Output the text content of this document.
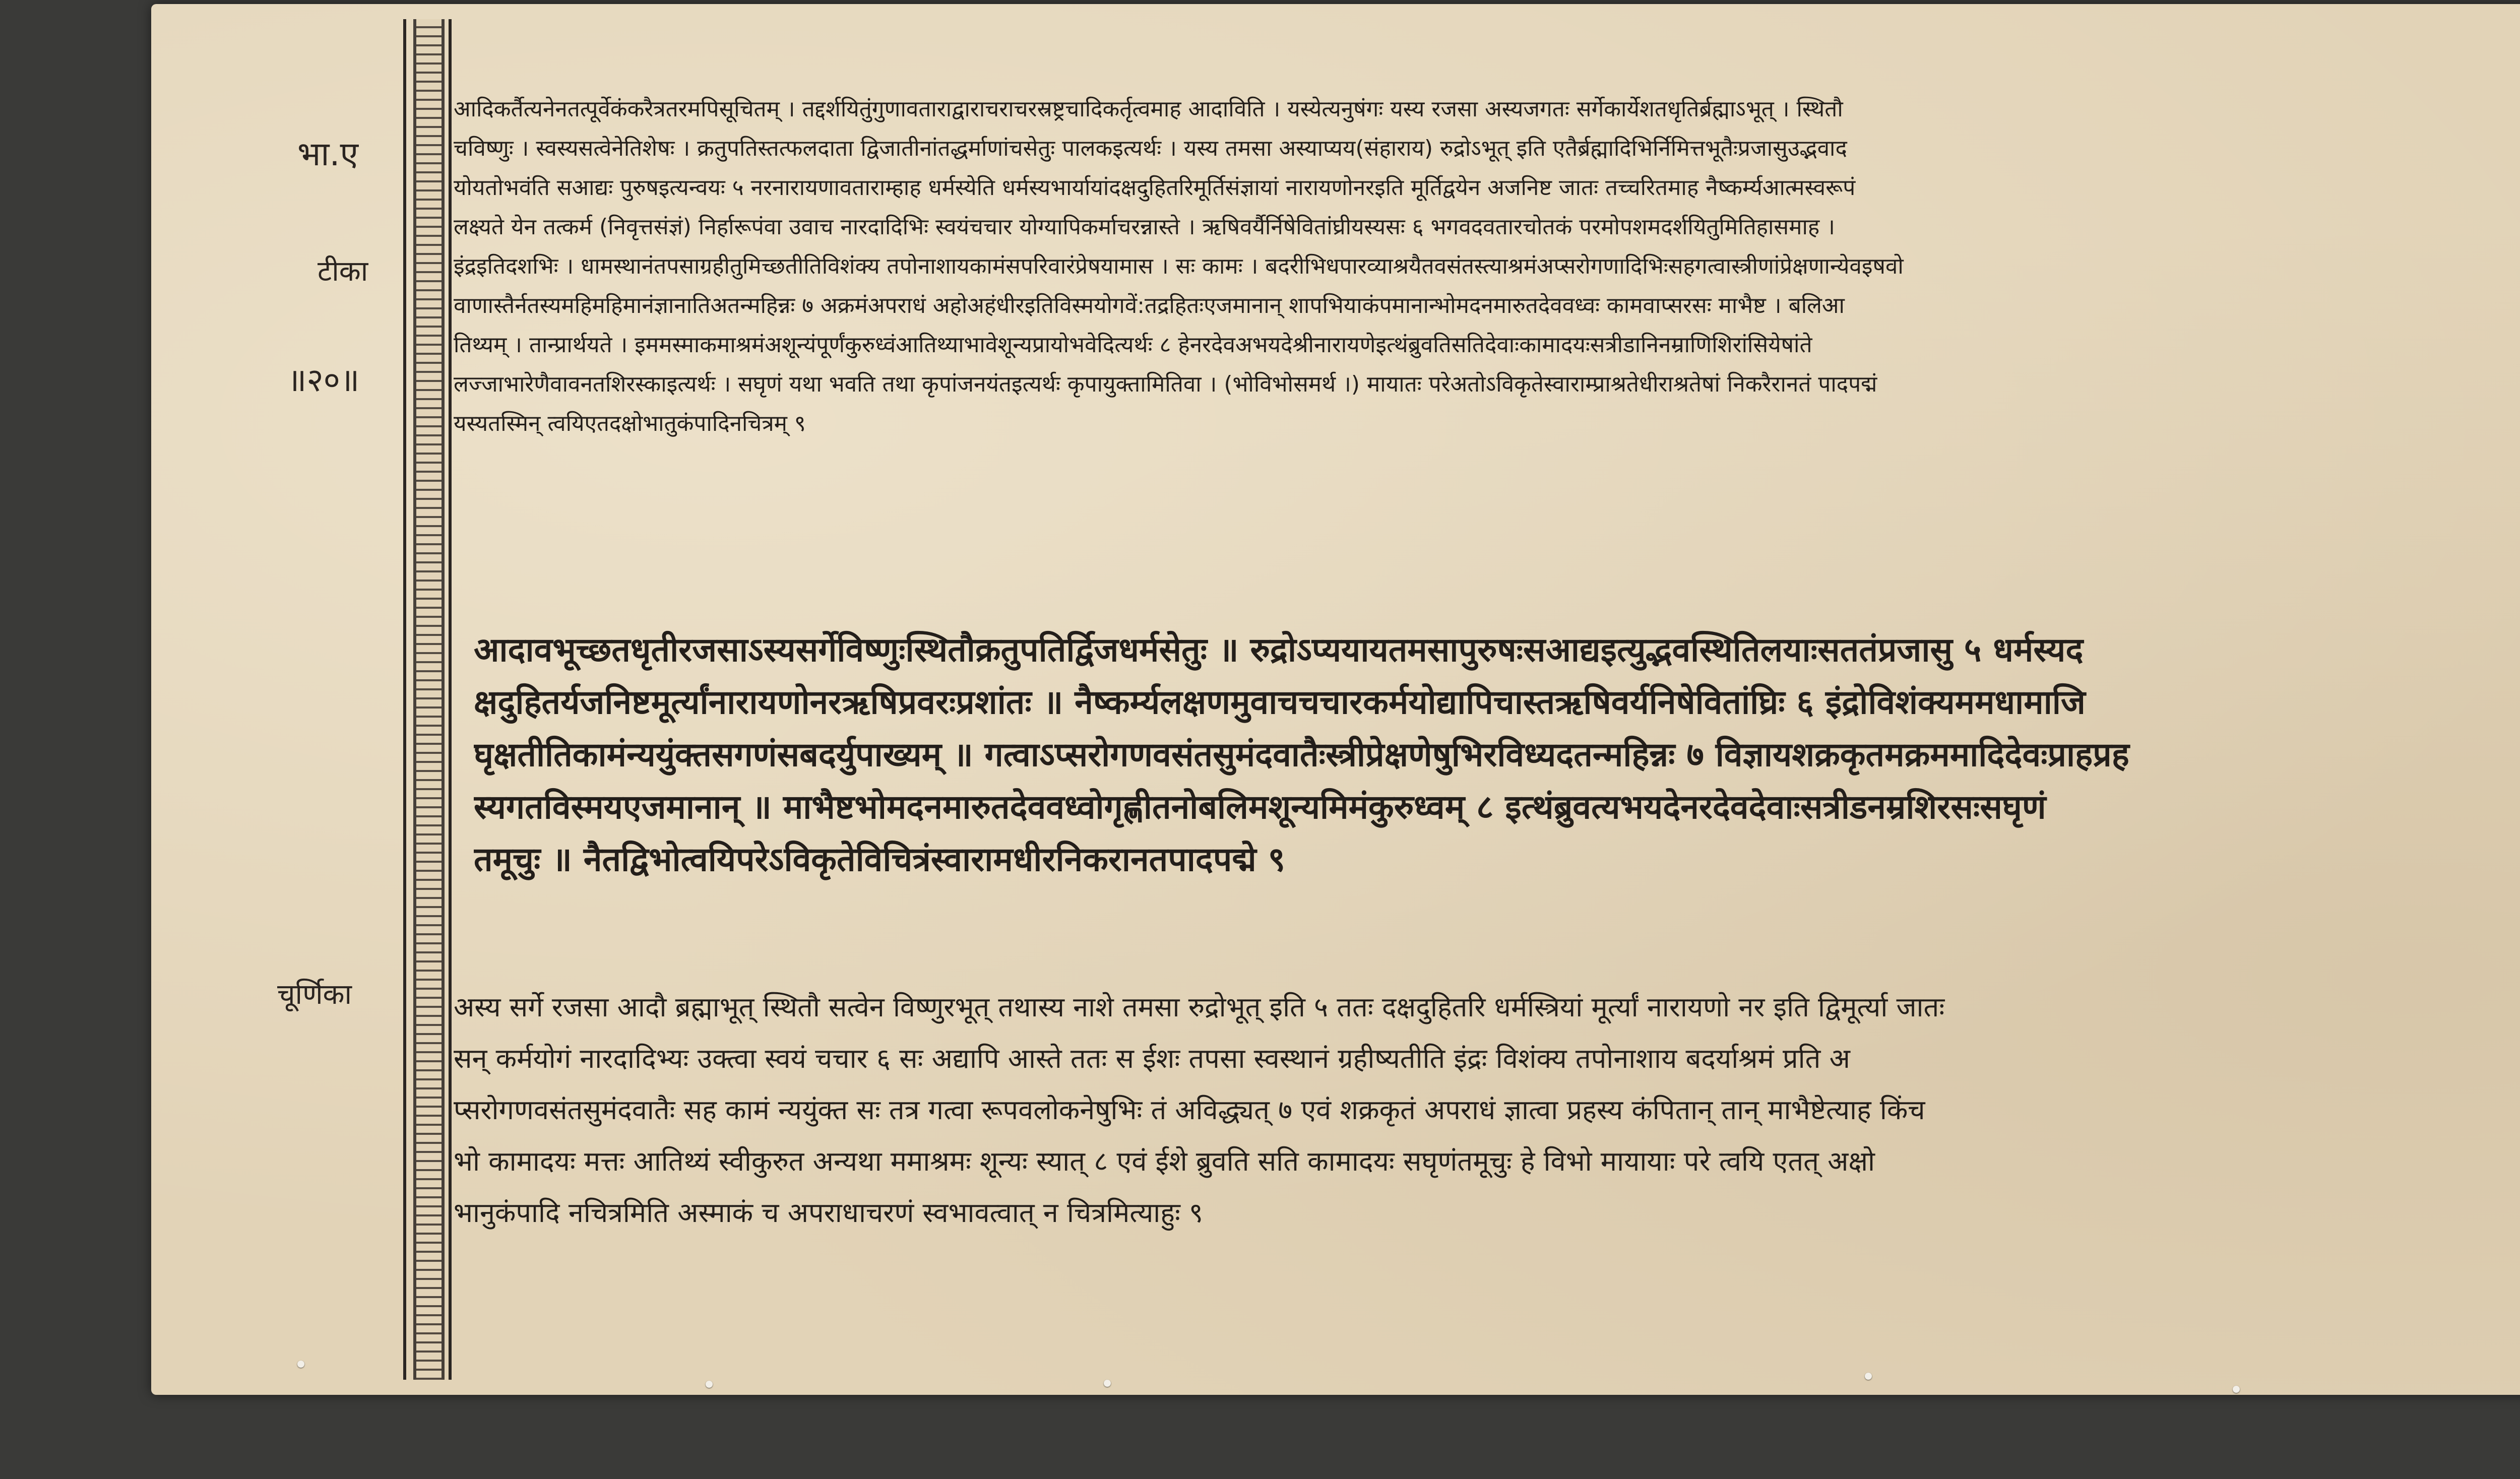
भा.ए
टीका
॥२०॥
चूर्णिका
आदिकर्तैत्यनेनतत्पूर्वेकंकरैत्रतरमपिसूचितम् । तद्दर्शयितुंगुणावताराद्वाराचराचरस्रष्ट्रचादिकर्तृत्वमाह आदाविति । यस्येत्यनुषंगः यस्य रजसा अस्यजगतः सर्गेकार्येशतधृतिर्ब्रह्माऽभूत् । स्थितौ
चविष्णुः । स्वस्यसत्वेनेतिशेषः । क्रतुपतिस्तत्फलदाता द्विजातीनांतद्धर्माणांचसेतुः पालकइत्यर्थः । यस्य तमसा अस्याप्यय(संहाराय) रुद्रोऽभूत् इति एतैर्ब्रह्मादिभिर्निमित्तभूतैःप्रजासुउद्भवाद
योयतोभवंति सआद्यः पुरुषइत्यन्वयः ५ नरनारायणावताराम्हाह धर्मस्येति धर्मस्यभार्यायांदक्षदुहितरिमूर्तिसंज्ञायां नारायणोनरइति मूर्तिद्वयेन अजनिष्ट जातः तच्चरितमाह नैष्कर्म्यआत्मस्वरूपं
लक्ष्यते येन तत्कर्म (निवृत्तसंज्ञं) निर्हारूपंवा उवाच नारदादिभिः स्वयंचचार योग्यापिकर्माचरन्नास्ते । ऋषिवर्यैर्निषेवितांघ्रीयस्यसः ६ भगवदवतारचोतकं परमोपशमदर्शयितुमितिहासमाह ।
इंद्रइतिदशभिः । धामस्थानंतपसाग्रहीतुमिच्छतीतिविशंक्य तपोनाशायकामंसपरिवारंप्रेषयामास । सः कामः । बदरीभिधपारव्याश्रयैतवसंतस्त्याश्रमंअप्सरोगणादिभिःसहगत्वास्त्रीणांप्रेक्षणान्येवइषवो
वाणास्तैर्नतस्यमहिमहिमानंज्ञानातिअतन्महिन्नः ७ अक्रमंअपराधं अहोअहंधीरइतिविस्मयोगवें:तद्रहितःएजमानान् शापभियाकंपमानान्भोमदनमारुतदेववध्वः कामवाप्सरसः माभैष्ट । बलिआ
तिथ्यम् । तान्प्रार्थयते । इममस्माकमाश्रमंअशून्यंपूर्णंकुरुध्वंआतिथ्याभावेशून्यप्रायोभवेदित्यर्थः ८ हेनरदेवअभयदेश्रीनारायणेइत्थंब्रुवतिसतिदेवाःकामादयःसत्रीडानिनम्राणिशिरांसियेषांते
लज्जाभारेणैवावनतशिरस्काइत्यर्थः । सघृणं यथा भवति तथा कृपांजनयंतइत्यर्थः कृपायुक्तामितिवा । (भोविभोसमर्थ ।) मायातः परेअतोऽविकृतेस्वाराम्प्राश्रतेधीराश्रतेषां निकरैरानतं पादपद्मं
यस्यतस्मिन् त्वयिएतदक्षोभातुकंपादिनचित्रम् ९
आदावभूच्छतधृतीरजसाऽस्यसर्गेविष्णुःस्थितौक्रतुपतिर्द्विजधर्मसेतुः ॥ रुद्रोऽप्ययायतमसापुरुषःसआद्यइत्युद्भवस्थितिलयाःसततंप्रजासु ५ धर्मस्यद
क्षदुहितर्यजनिष्टमूर्त्यांनारायणोनरऋषिप्रवरःप्रशांतः ॥ नैष्कर्म्यलक्षणमुवाचचचारकर्मयोद्यापिचास्तऋषिवर्यनिषेवितांघ्रिः ६ इंद्रोविशंक्यममधामाजि
घृक्षतीतिकामंन्ययुंक्तसगणंसबदर्युपाख्यम् ॥ गत्वाऽप्सरोगणवसंतसुमंदवातैःस्त्रीप्रेक्षणेषुभिरविध्यदतन्महिन्नः ७ विज्ञायशक्रकृतमक्रममादिदेवःप्राहप्रह
स्यगतविस्मयएजमानान् ॥ माभैष्टभोमदनमारुतदेववध्वोगृह्णीतनोबलिमशून्यमिमंकुरुध्वम् ८ इत्थंब्रुवत्यभयदेनरदेवदेवाःसत्रीडनम्रशिरसःसघृणं
तमूचुः ॥ नैतद्विभोत्वयिपरेऽविकृतेविचित्रंस्वारामधीरनिकरानतपादपद्मे ९
अस्य सर्गे रजसा आदौ ब्रह्माभूत् स्थितौ सत्वेन विष्णुरभूत् तथास्य नाशे तमसा रुद्रोभूत् इति ५ ततः दक्षदुहितरि धर्मस्त्रियां मूर्त्यां नारायणो नर इति द्विमूर्त्या जातः
सन् कर्मयोगं नारदादिभ्यः उक्त्वा स्वयं चचार ६ सः अद्यापि आस्ते ततः स ईशः तपसा स्वस्थानं ग्रहीष्यतीति इंद्रः विशंक्य तपोनाशाय बदर्याश्रमं प्रति अ
प्सरोगणवसंतसुमंदवातैः सह कामं न्ययुंक्त सः तत्र गत्वा रूपवलोकनेषुभिः तं अविद्ध्यत् ७ एवं शक्रकृतं अपराधं ज्ञात्वा प्रहस्य कंपितान् तान् माभैष्टेत्याह किंच
भो कामादयः मत्तः आतिथ्यं स्वीकुरुत अन्यथा ममाश्रमः शून्यः स्यात् ८ एवं ईशे ब्रुवति सति कामादयः सघृणंतमूचुः हे विभो मायायाः परे त्वयि एतत् अक्षो
भानुकंपादि नचित्रमिति अस्माकं च अपराधाचरणं स्वभावत्वात् न चित्रमित्याहुः ९
